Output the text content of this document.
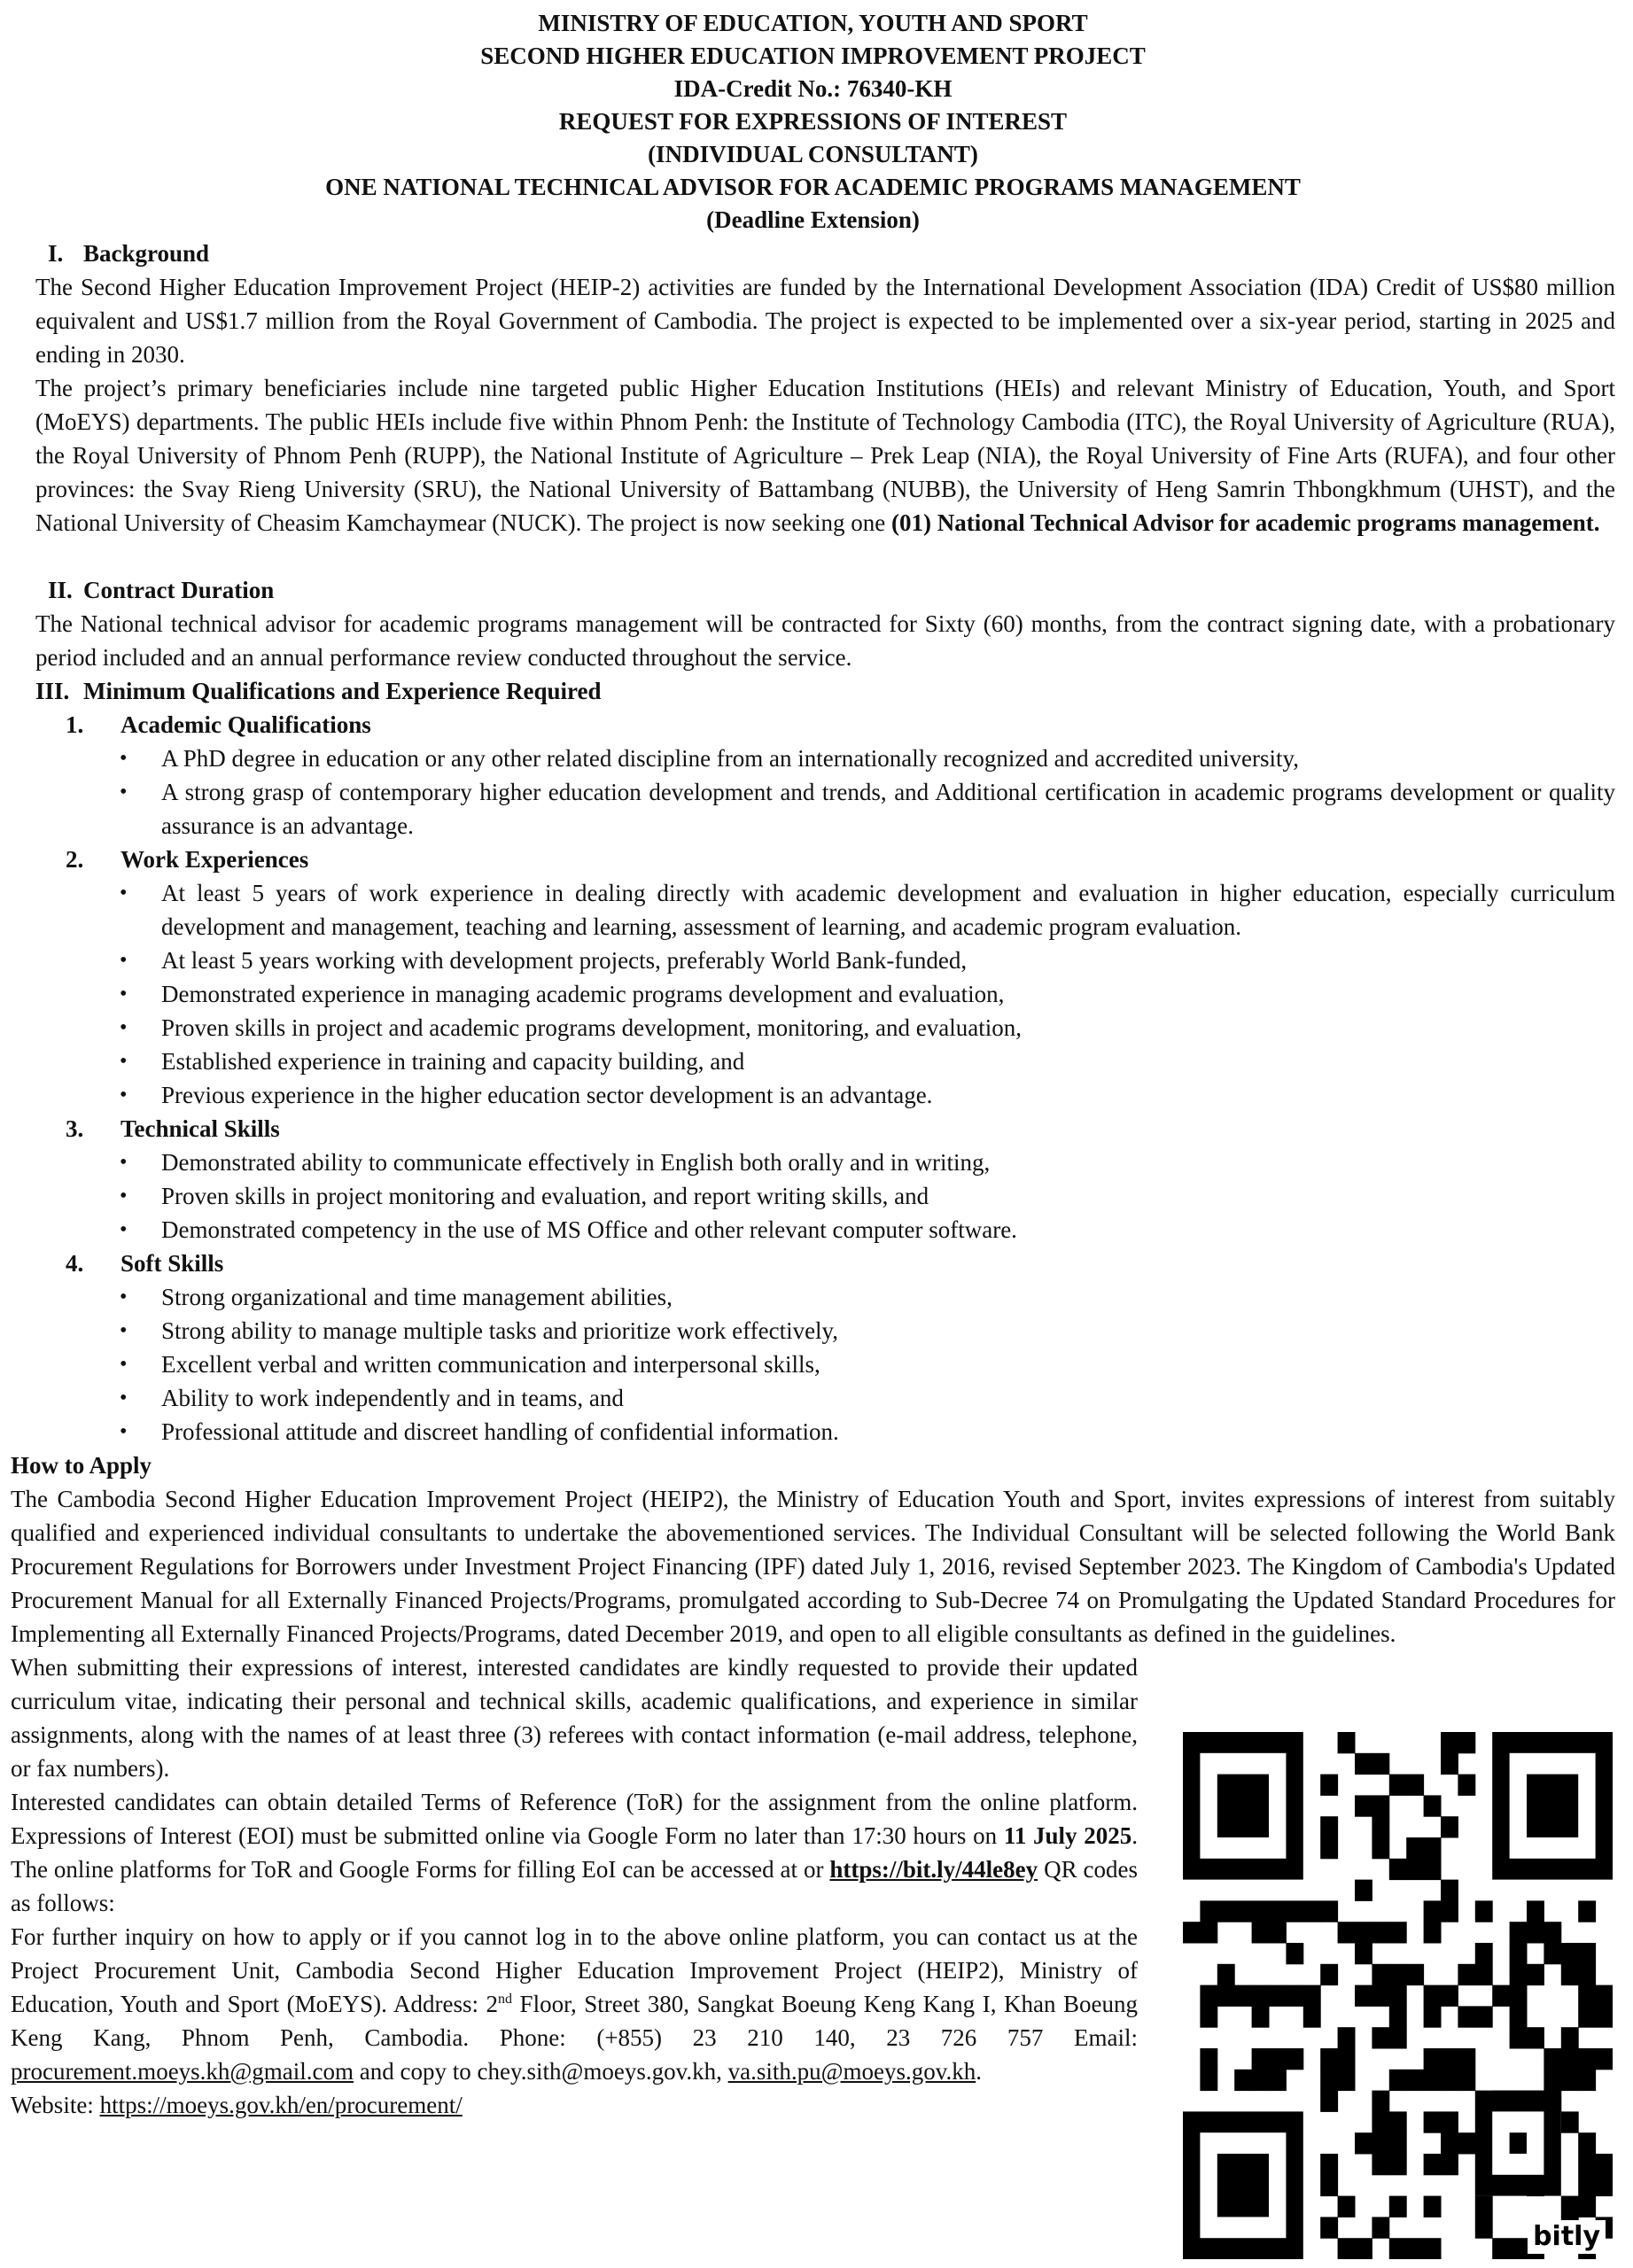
MINISTRY OF EDUCATION, YOUTH AND SPORT
SECOND HIGHER EDUCATION IMPROVEMENT PROJECT
IDA-Credit No.: 76340-KH
REQUEST FOR EXPRESSIONS OF INTEREST
(INDIVIDUAL CONSULTANT)
ONE NATIONAL TECHNICAL ADVISOR FOR ACADEMIC PROGRAMS MANAGEMENT
(Deadline Extension)
I. Background
The Second Higher Education Improvement Project (HEIP-2) activities are funded by the International Development Association (IDA) Credit of US$80 million equivalent and US$1.7 million from the Royal Government of Cambodia. The project is expected to be implemented over a six-year period, starting in 2025 and ending in 2030.
The project’s primary beneficiaries include nine targeted public Higher Education Institutions (HEIs) and relevant Ministry of Education, Youth, and Sport (MoEYS) departments. The public HEIs include five within Phnom Penh: the Institute of Technology Cambodia (ITC), the Royal University of Agriculture (RUA), the Royal University of Phnom Penh (RUPP), the National Institute of Agriculture – Prek Leap (NIA), the Royal University of Fine Arts (RUFA), and four other provinces: the Svay Rieng University (SRU), the National University of Battambang (NUBB), the University of Heng Samrin Thbongkhmum (UHST), and the National University of Cheasim Kamchaymear (NUCK). The project is now seeking one (01) National Technical Advisor for academic programs management.
II. Contract Duration
The National technical advisor for academic programs management will be contracted for Sixty (60) months, from the contract signing date, with a probationary period included and an annual performance review conducted throughout the service.
III. Minimum Qualifications and Experience Required
1. Academic Qualifications
• A PhD degree in education or any other related discipline from an internationally recognized and accredited university,
• A strong grasp of contemporary higher education development and trends, and Additional certification in academic programs development or quality assurance is an advantage.
2. Work Experiences
• At least 5 years of work experience in dealing directly with academic development and evaluation in higher education, especially curriculum development and management, teaching and learning, assessment of learning, and academic program evaluation.
• At least 5 years working with development projects, preferably World Bank-funded,
• Demonstrated experience in managing academic programs development and evaluation,
• Proven skills in project and academic programs development, monitoring, and evaluation,
• Established experience in training and capacity building, and
• Previous experience in the higher education sector development is an advantage.
3. Technical Skills
• Demonstrated ability to communicate effectively in English both orally and in writing,
• Proven skills in project monitoring and evaluation, and report writing skills, and
• Demonstrated competency in the use of MS Office and other relevant computer software.
4. Soft Skills
• Strong organizational and time management abilities,
• Strong ability to manage multiple tasks and prioritize work effectively,
• Excellent verbal and written communication and interpersonal skills,
• Ability to work independently and in teams, and
• Professional attitude and discreet handling of confidential information.
How to Apply
The Cambodia Second Higher Education Improvement Project (HEIP2), the Ministry of Education Youth and Sport, invites expressions of interest from suitably qualified and experienced individual consultants to undertake the abovementioned services. The Individual Consultant will be selected following the World Bank Procurement Regulations for Borrowers under Investment Project Financing (IPF) dated July 1, 2016, revised September 2023. The Kingdom of Cambodia's Updated Procurement Manual for all Externally Financed Projects/Programs, promulgated according to Sub-Decree 74 on Promulgating the Updated Standard Procedures for Implementing all Externally Financed Projects/Programs, dated December 2019, and open to all eligible consultants as defined in the guidelines.
When submitting their expressions of interest, interested candidates are kindly requested to provide their updated curriculum vitae, indicating their personal and technical skills, academic qualifications, and experience in similar assignments, along with the names of at least three (3) referees with contact information (e-mail address, telephone, or fax numbers).
Interested candidates can obtain detailed Terms of Reference (ToR) for the assignment from the online platform. Expressions of Interest (EOI) must be submitted online via Google Form no later than 17:30 hours on 11 July 2025. The online platforms for ToR and Google Forms for filling EoI can be accessed at or https://bit.ly/44le8ey QR codes as follows:
For further inquiry on how to apply or if you cannot log in to the above online platform, you can contact us at the Project Procurement Unit, Cambodia Second Higher Education Improvement Project (HEIP2), Ministry of Education, Youth and Sport (MoEYS). Address: 2nd Floor, Street 380, Sangkat Boeung Keng Kang I, Khan Boeung Keng Kang, Phnom Penh, Cambodia. Phone: (+855) 23 210 140, 23 726 757 Email: procurement.moeys.kh@gmail.com and copy to chey.sith@moeys.gov.kh, va.sith.pu@moeys.gov.kh.
Website: https://moeys.gov.kh/en/procurement/
bitly
